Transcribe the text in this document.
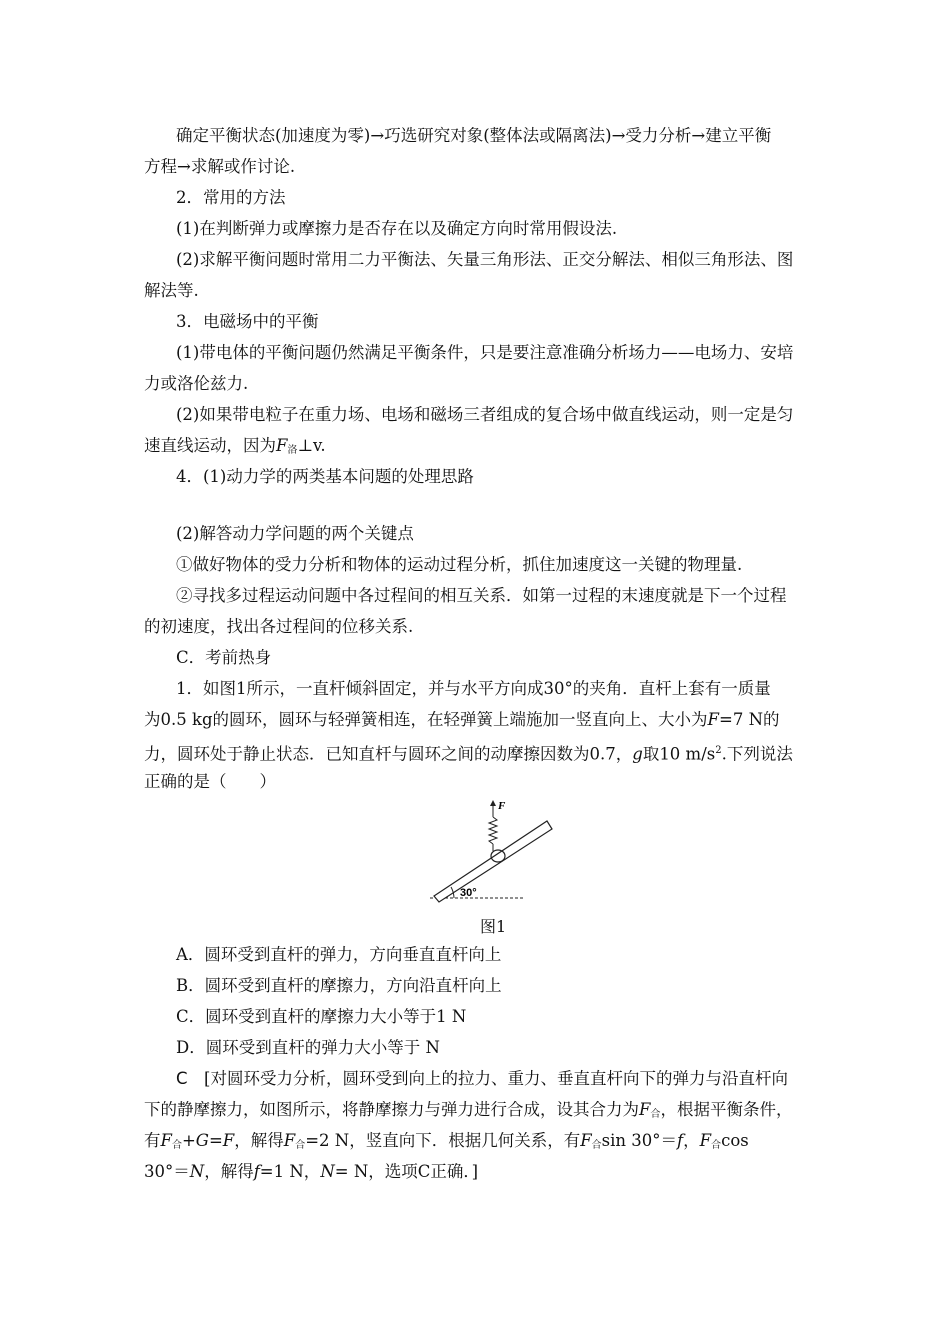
确定平衡状态(加速度为零)→巧选研究对象(整体法或隔离法)→受力分析→建立平衡
方程→求解或作讨论.
2．常用的方法
(1)在判断弹力或摩擦力是否存在以及确定方向时常用假设法.
(2)求解平衡问题时常用二力平衡法、矢量三角形法、正交分解法、相似三角形法、图
解法等.
3．电磁场中的平衡
(1)带电体的平衡问题仍然满足平衡条件，只是要注意准确分析场力——电场力、安培
力或洛伦兹力.
(2)如果带电粒子在重力场、电场和磁场三者组成的复合场中做直线运动，则一定是匀
速直线运动，因为$F_洛\perp v$.
4．(1)动力学的两类基本问题的处理思路
(2)解答动力学问题的两个关键点
①做好物体的受力分析和物体的运动过程分析，抓住加速度这一关键的物理量.
②寻找多过程运动问题中各过程间的相互关系．如第一过程的末速度就是下一个过程
的初速度，找出各过程间的位移关系.
C．考前热身
1．如图1所示，一直杆倾斜固定，并与水平方向成30°的夹角．直杆上套有一质量
为0.5 kg的圆环，圆环与轻弹簧相连，在轻弹簧上端施加一竖直向上、大小为F=7 N的
力，圆环处于静止状态．已知直杆与圆环之间的动摩擦因数为0.7，g取10 $m/s^2$.下列说法
正确的是（　　）
30°
F
图1
A．圆环受到直杆的弹力，方向垂直直杆向上
B．圆环受到直杆的摩擦力，方向沿直杆向上
C．圆环受到直杆的摩擦力大小等于1 N
D．圆环受到直杆的弹力大小等于 N
C　 [对圆环受力分析，圆环受到向上的拉力、重力、垂直直杆向下的弹力与沿直杆向
下的静摩擦力，如图所示，将静摩擦力与弹力进行合成，设其合力为$F_合$，根据平衡条件，
有$F_合+G=F$，解得$F_合=2$ N，竖直向下．根据几何关系，有$F_合\sin$ 30°＝f，$F_合\cos$
30°＝N，解得f=1 N，N= N，选项C正确．]
